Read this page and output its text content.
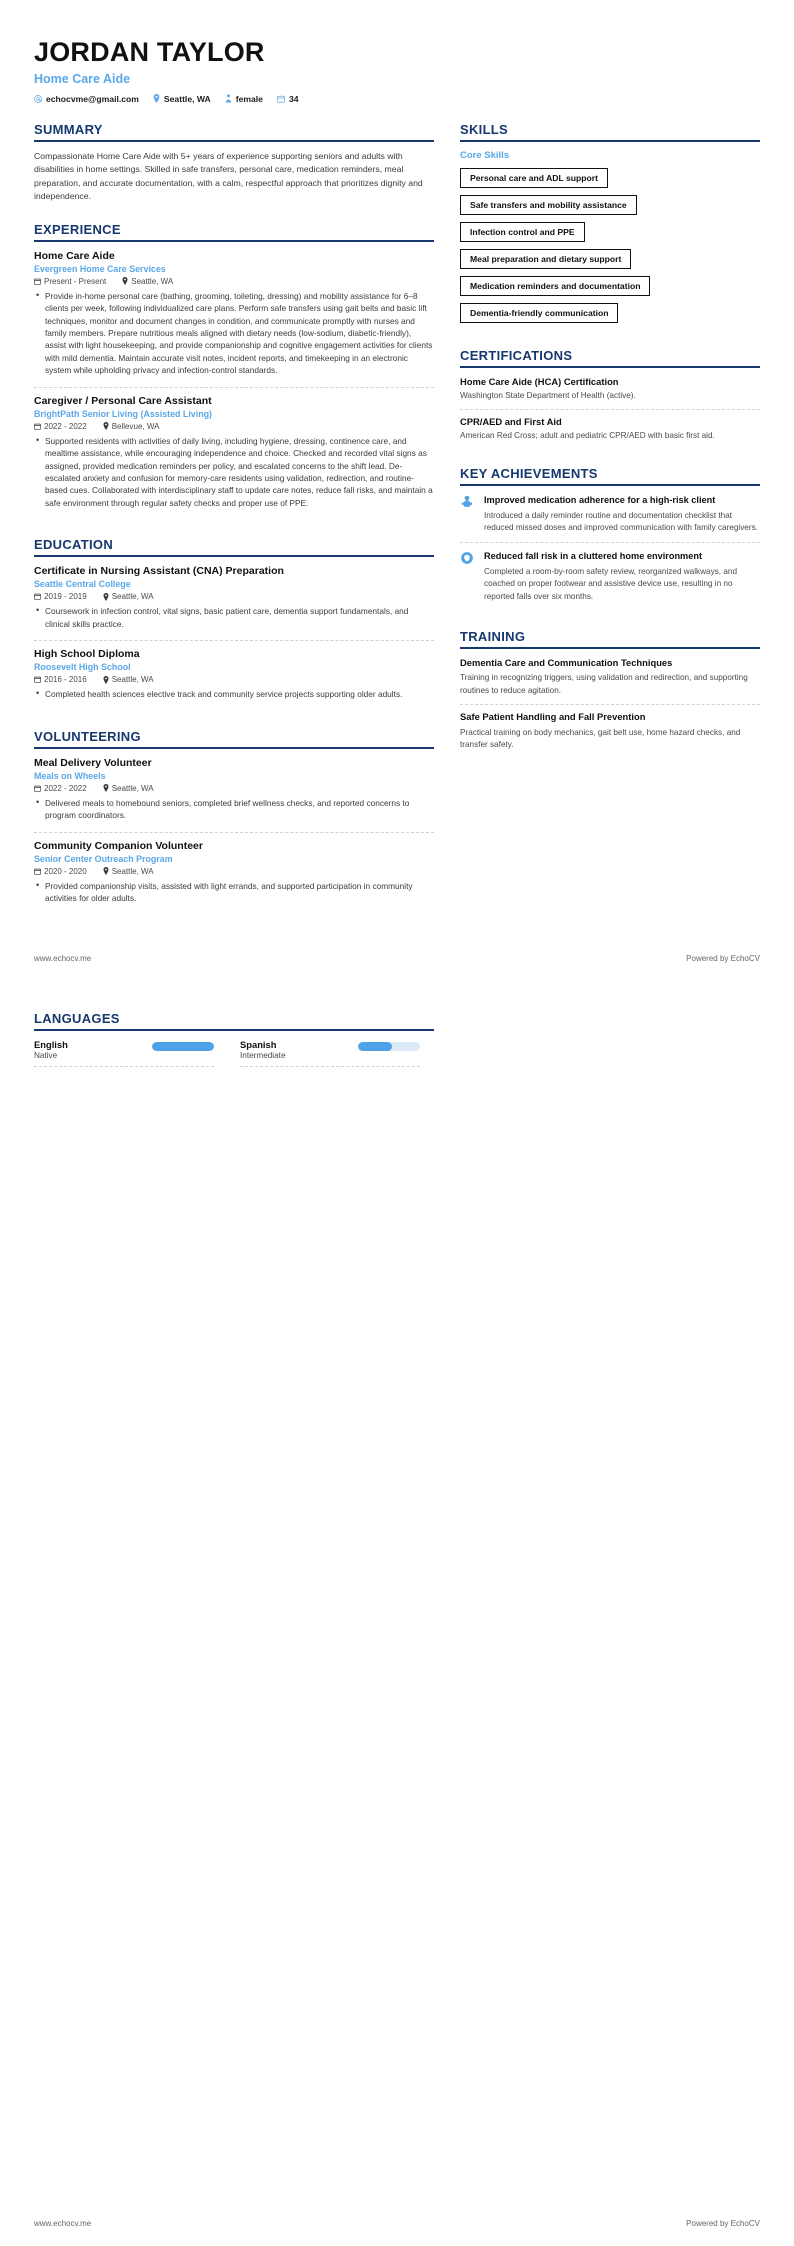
JORDAN TAYLOR
Home Care Aide
echocvme@gmail.com	Seattle, WA	female	34
SUMMARY
Compassionate Home Care Aide with 5+ years of experience supporting seniors and adults with disabilities in home settings. Skilled in safe transfers, personal care, medication reminders, meal preparation, and accurate documentation, with a calm, respectful approach that prioritizes dignity and independence.
EXPERIENCE
Home Care Aide
Evergreen Home Care Services
Present - Present	Seattle, WA
• Provide in-home personal care (bathing, grooming, toileting, dressing) and mobility assistance for 6–8 clients per week, following individualized care plans. Perform safe transfers using gait belts and basic lift techniques, monitor and document changes in condition, and communicate promptly with nurses and family members. Prepare nutritious meals aligned with dietary needs (low-sodium, diabetic-friendly), assist with light housekeeping, and provide companionship and cognitive engagement activities for clients with mild dementia. Maintain accurate visit notes, incident reports, and timekeeping in an electronic system while upholding privacy and infection-control standards.
Caregiver / Personal Care Assistant
BrightPath Senior Living (Assisted Living)
2022 - 2022	Bellevue, WA
• Supported residents with activities of daily living, including hygiene, dressing, continence care, and mealtime assistance, while encouraging independence and choice. Checked and recorded vital signs as assigned, provided medication reminders per policy, and escalated concerns to the shift lead. De-escalated anxiety and confusion for memory-care residents using validation, redirection, and routine-based cues. Collaborated with interdisciplinary staff to update care notes, reduce fall risks, and maintain a safe environment through regular safety checks and proper use of PPE.
EDUCATION
Certificate in Nursing Assistant (CNA) Preparation
Seattle Central College
2019 - 2019	Seattle, WA
• Coursework in infection control, vital signs, basic patient care, dementia support fundamentals, and clinical skills practice.
High School Diploma
Roosevelt High School
2016 - 2016	Seattle, WA
• Completed health sciences elective track and community service projects supporting older adults.
VOLUNTEERING
Meal Delivery Volunteer
Meals on Wheels
2022 - 2022	Seattle, WA
• Delivered meals to homebound seniors, completed brief wellness checks, and reported concerns to program coordinators.
Community Companion Volunteer
Senior Center Outreach Program
2020 - 2020	Seattle, WA
• Provided companionship visits, assisted with light errands, and supported participation in community activities for older adults.
SKILLS
Core Skills
Personal care and ADL support
Safe transfers and mobility assistance
Infection control and PPE
Meal preparation and dietary support
Medication reminders and documentation
Dementia-friendly communication
CERTIFICATIONS
Home Care Aide (HCA) Certification
Washington State Department of Health (active).
CPR/AED and First Aid
American Red Cross; adult and pediatric CPR/AED with basic first aid.
KEY ACHIEVEMENTS
Improved medication adherence for a high-risk client
Introduced a daily reminder routine and documentation checklist that reduced missed doses and improved communication with family caregivers.
Reduced fall risk in a cluttered home environment
Completed a room-by-room safety review, reorganized walkways, and coached on proper footwear and assistive device use, resulting in no reported falls over six months.
TRAINING
Dementia Care and Communication Techniques
Training in recognizing triggers, using validation and redirection, and supporting routines to reduce agitation.
Safe Patient Handling and Fall Prevention
Practical training on body mechanics, gait belt use, home hazard checks, and transfer safety.
www.echocv.me	Powered by EchoCV
LANGUAGES
English
Native
Spanish
Intermediate
www.echocv.me	Powered by EchoCV
